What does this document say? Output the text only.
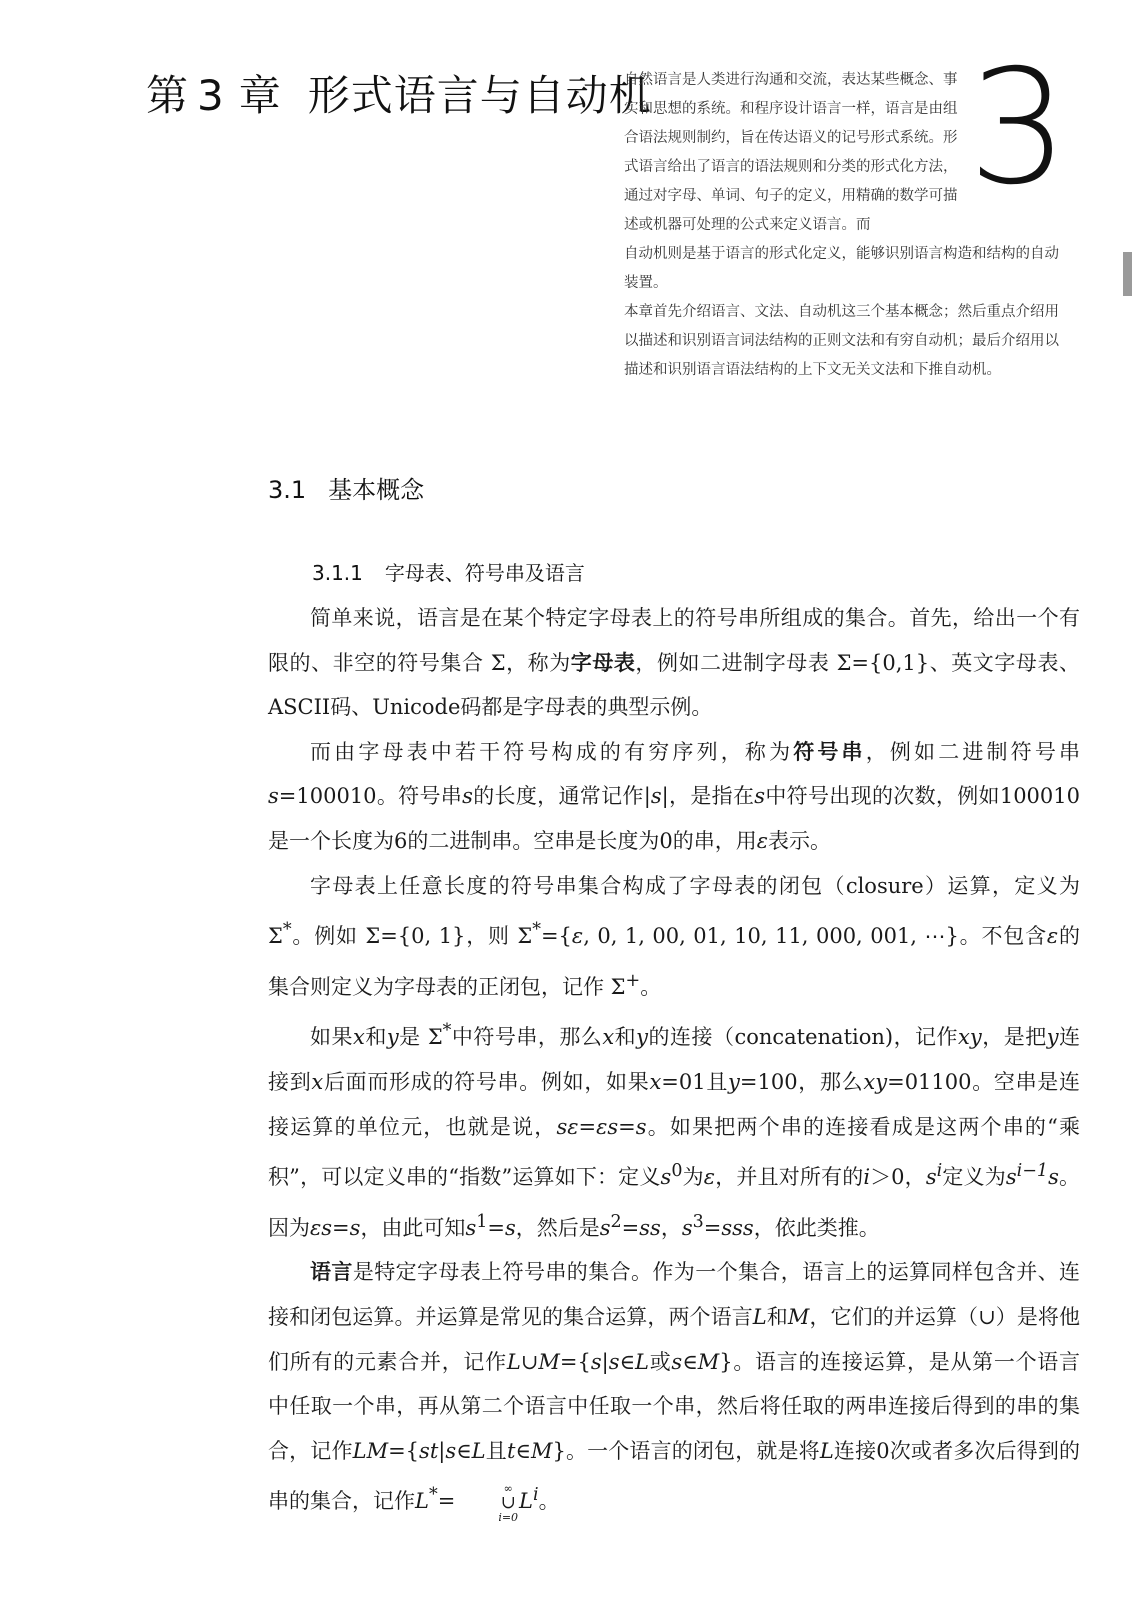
第 3 章 形式语言与自动机 3

自然语言是人类进行沟通和交流，表达某些概念、事实和思想的系统。和程序设计语言一样，语言是由组合语法规则制约，旨在传达语义的记号形式系统。形式语言给出了语言的语法规则和分类的形式化方法，通过对字母、单词、句子的定义，用精确的数学可描述或机器可处理的公式来定义语言。而
自动机则是基于语言的形式化定义，能够识别语言构造和结构的自动装置。

本章首先介绍语言、文法、自动机这三个基本概念；然后重点介绍用以描述和识别语言词法结构的正则文法和有穷自动机；最后介绍用以描述和识别语言语法结构的上下文无关文法和下推自动机。

3.1 基本概念
3.1.1 字母表、符号串及语言

简单来说，语言是在某个特定字母表上的符号串所组成的集合。首先，给出一个有限的、非空的符号集合 Σ，称为字母表，例如二进制字母表 Σ={0,1}、英文字母表、ASCII码、Unicode码都是字母表的典型示例。

而由字母表中若干符号构成的有穷序列，称为符号串，例如二进制符号串s=100010。符号串s的长度，通常记作|s|，是指在s中符号出现的次数，例如100010是一个长度为6的二进制串。空串是长度为0的串，用ε表示。

字母表上任意长度的符号串集合构成了字母表的闭包（closure）运算，定义为Σ*。例如 Σ={0, 1}，则 Σ*={ε, 0, 1, 00, 01, 10, 11, 000, 001, ⋯}。不包含ε的集合则定义为字母表的正闭包，记作 Σ+。

如果x和y是 Σ*中符号串，那么x和y的连接（concatenation)，记作xy，是把y连接到x后面而形成的符号串。例如，如果x=01且y=100，那么xy=01100。空串是连接运算的单位元，也就是说，sε=εs=s。如果把两个串的连接看成是这两个串的“乘积”，可以定义串的“指数”运算如下：定义$s^0$为ε，并且对所有的i＞0，$s^i$定义为$s^{i-1}s$。因为εs=s，由此可知$s^1=s$，然后是$s^2=ss$，$s^3=sss$，依此类推。

语言是特定字母表上符号串的集合。作为一个集合，语言上的运算同样包含并、连接和闭包运算。并运算是常见的集合运算，两个语言L和M，它们的并运算（∪）是将他们所有的元素合并，记作L∪M={s|s∈L或s∈M}。语言的连接运算，是从第一个语言中任取一个串，再从第二个语言中任取一个串，然后将任取的两串连接后得到的串的集合，记作LM={st|s∈L且t∈M}。一个语言的闭包，就是将L连接0次或者多次后得到的串的集合，记作L*=
∞
∪
i=0
$L^i$。
